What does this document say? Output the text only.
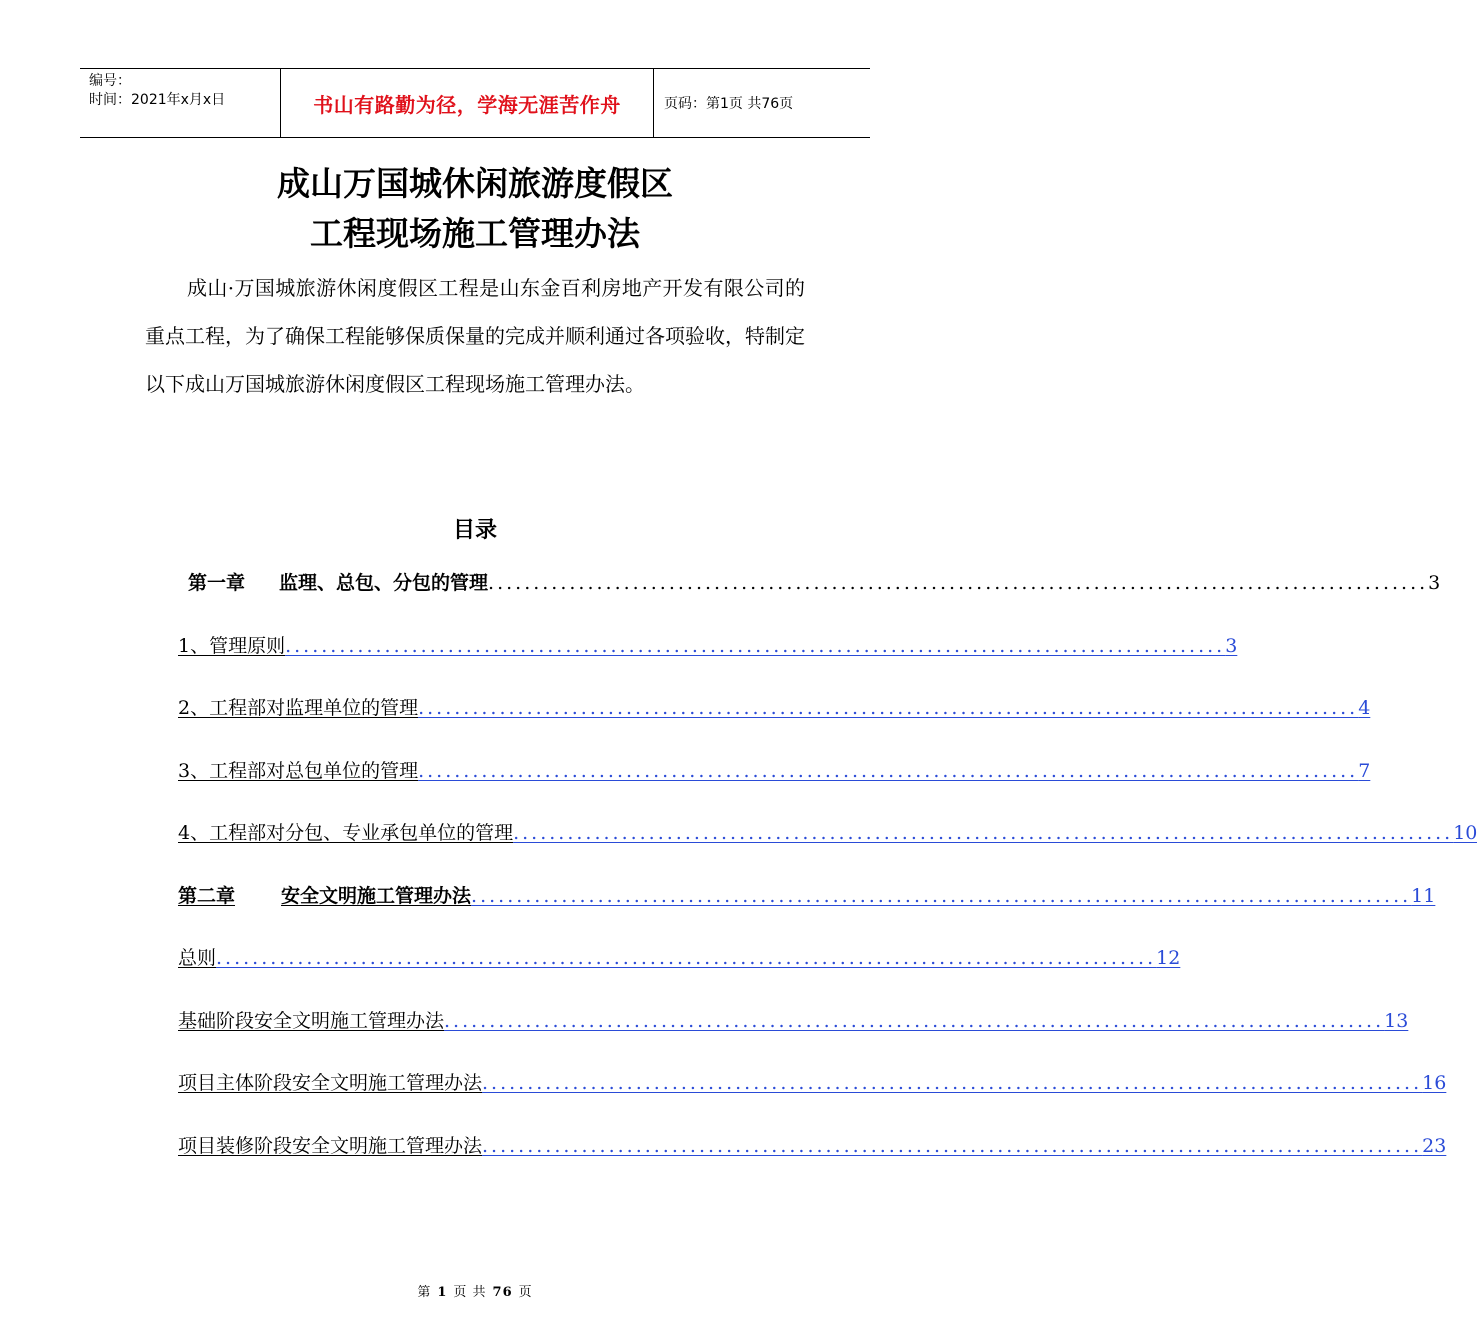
编号：
时间：2021年x月x日	书山有路勤为径，学海无涯苦作舟	页码：第1页 共76页
成山万国城休闲旅游度假区
工程现场施工管理办法
成山·万国城旅游休闲度假区工程是山东金百利房地产开发有限公司的重点工程，为了确保工程能够保质保量的完成并顺利通过各项验收，特制定以下成山万国城旅游休闲度假区工程现场施工管理办法。
目录
第一章 监理、总包、分包的管理 ........................................................................................................ 3
1、管理原则 ........................................................................................................ 3
2、工程部对监理单位的管理 ........................................................................................................ 4
3、工程部对总包单位的管理 ........................................................................................................ 7
4、工程部对分包、专业承包单位的管理 ........................................................................................................ 10
第二章 安全文明施工管理办法 ........................................................................................................ 11
总则 ........................................................................................................ 12
基础阶段安全文明施工管理办法 ........................................................................................................ 13
项目主体阶段安全文明施工管理办法 ........................................................................................................ 16
项目装修阶段安全文明施工管理办法 ........................................................................................................ 23
第 1 页 共 76 页
